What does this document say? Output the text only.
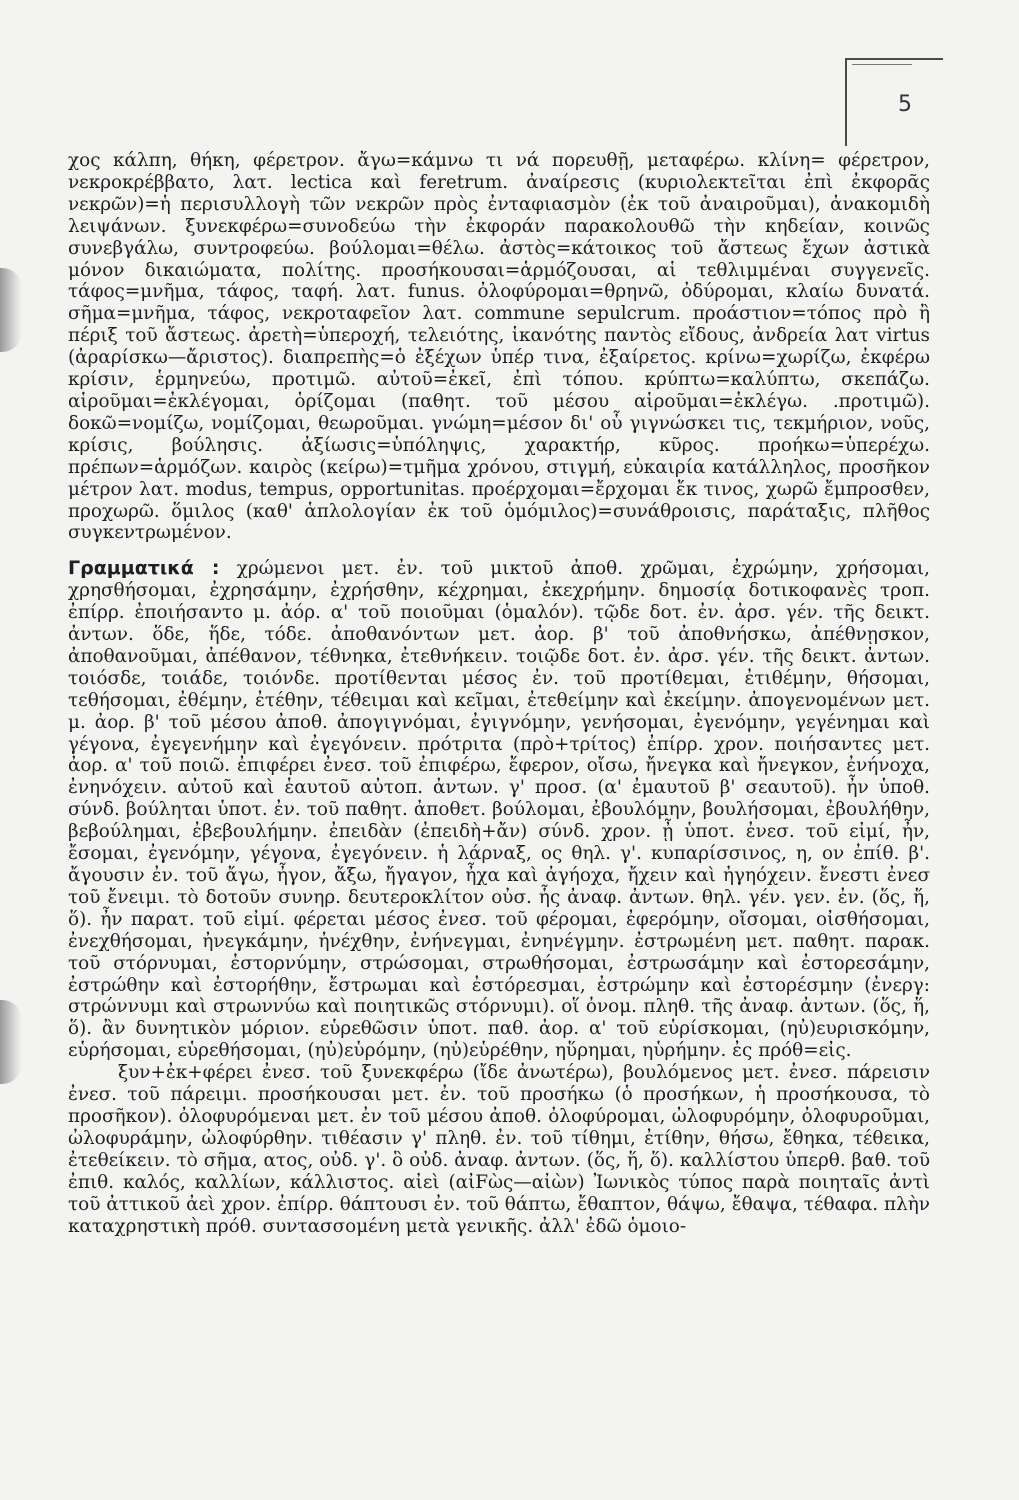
5

χος κάλπη, θήκη, φέρετρον. ἄγω=κάμνω τι νά πορευθῇ, μεταφέρω. κλίνη= φέρετρον, νεκροκρέββατο, λατ. lectica καὶ feretrum. ἀναίρεσις (κυριολεκτεῖται ἐπὶ ἐκφορᾶς νεκρῶν)=ἡ περισυλλογὴ τῶν νεκρῶν πρὸς ἐνταφιασμὸν (ἐκ τοῦ ἀναιροῦμαι), ἀνακομιδὴ λειψάνων. ξυνεκφέρω=συνοδεύω τὴν ἐκφοράν παρακολουθῶ τὴν κηδείαν, κοινῶς συνεβγάλω, συντροφεύω. βούλομαι=θέλω. ἀστὸς=κάτοικος τοῦ ἄστεως ἔχων ἀστικὰ μόνον δικαιώματα, πολίτης. προσήκουσαι=ἁρμόζουσαι, αἱ τεθλιμμέναι συγγενεῖς. τάφος=μνῆμα, τάφος, ταφή. λατ. funus. ὀλοφύρομαι=θρηνῶ, ὀδύρομαι, κλαίω δυνατά. σῆμα=μνῆμα, τάφος, νεκροταφεῖον λατ. commune sepulcrum. προάστιον=τόπος πρὸ ἢ πέριξ τοῦ ἄστεως. ἀρετὴ=ὑπεροχή, τελειότης, ἱκανότης παντὸς εἴδους, ἀνδρεία λατ virtus (ἀραρίσκω—ἄριστος). διαπρεπὴς=ὁ ἐξέχων ὑπέρ τινα, ἐξαίρετος. κρίνω=χωρίζω, ἐκφέρω κρίσιν, ἑρμηνεύω, προτιμῶ. αὐτοῦ=ἐκεῖ, ἐπὶ τόπου. κρύπτω=καλύπτω, σκεπάζω. αἱροῦμαι=ἐκλέγομαι, ὁρίζομαι (παθητ. τοῦ μέσου αἱροῦμαι=ἐκλέγω. .προτιμῶ). δοκῶ=νομίζω, νομίζομαι, θεωροῦμαι. γνώμη=μέσον δι' οὗ γιγνώσκει τις, τεκμήριον, νοῦς, κρίσις, βούλησις. ἀξίωσις=ὑπόληψις, χαρακτήρ, κῦρος. προήκω=ὑπερέχω. πρέπων=ἁρμόζων. καιρὸς (κείρω)=τμῆμα χρόνου, στιγμή, εὐκαιρία κατάλληλος, προσῆκον μέτρον λατ. modus, tempus, opportunitas. προέρχομαι=ἔρχομαι ἔκ τινος, χωρῶ ἔμπροσθεν, προχωρῶ. ὅμιλος (καθ' ἁπλολογίαν ἐκ τοῦ ὁμόμιλος)=συνάθροισις, παράταξις, πλῆθος συγκεντρωμένον.

Γραμματικά : χρώμενοι μετ. ἐν. τοῦ μικτοῦ ἀποθ. χρῶμαι, ἐχρώμην, χρήσομαι, χρησθήσομαι, ἐχρησάμην, ἐχρήσθην, κέχρημαι, ἐκεχρήμην. δημοσίᾳ δοτικοφανὲς τροπ. ἐπίρρ. ἐποιήσαντο μ. ἀόρ. α' τοῦ ποιοῦμαι (ὁμαλόν). τῷδε δοτ. ἐν. ἀρσ. γέν. τῆς δεικτ. ἀντων. ὅδε, ἥδε, τόδε. ἀποθανόντων μετ. ἀορ. β' τοῦ ἀποθνήσκω, ἀπέθνῃσκον, ἀποθανοῦμαι, ἀπέθανον, τέθνηκα, ἐτεθνήκειν. τοιῷδε δοτ. ἐν. ἀρσ. γέν. τῆς δεικτ. ἀντων. τοιόσδε, τοιάδε, τοιόνδε. προτίθενται μέσος ἐν. τοῦ προτίθεμαι, ἐτιθέμην, θήσομαι, τεθήσομαι, ἐθέμην, ἐτέθην, τέθειμαι καὶ κεῖμαι, ἐτεθείμην καὶ ἐκείμην. ἀπογενομένων μετ. μ. ἀορ. β' τοῦ μέσου ἀποθ. ἀπογιγνόμαι, ἐγιγνόμην, γενήσομαι, ἐγενόμην, γεγένημαι καὶ γέγονα, ἐγεγενήμην καὶ ἐγεγόνειν. πρότριτα (πρὸ+τρίτος) ἐπίρρ. χρον. ποιήσαντες μετ. ἀορ. α' τοῦ ποιῶ. ἐπιφέρει ἐνεσ. τοῦ ἐπιφέρω, ἔφερον, οἴσω, ἤνεγκα καὶ ἤνεγκον, ἐνήνοχα, ἐνηνόχειν. αὐτοῦ καὶ ἑαυτοῦ αὐτοπ. ἀντων. γ' προσ. (α' ἐμαυτοῦ β' σεαυτοῦ). ἦν ὑποθ. σύνδ. βούληται ὑποτ. ἐν. τοῦ παθητ. ἀποθετ. βούλομαι, ἐβουλόμην, βουλήσομαι, ἐβουλήθην, βεβούλημαι, ἐβεβουλήμην. ἐπειδὰν (ἐπειδὴ+ἄν) σύνδ. χρον. ᾖ ὑποτ. ἐνεσ. τοῦ εἰμί, ἦν, ἔσομαι, ἐγενόμην, γέγονα, ἐγεγόνειν. ἡ λάρναξ, ος θηλ. γ'. κυπαρίσσινος, η, ον ἐπίθ. β'. ἄγουσιν ἐν. τοῦ ἄγω, ἦγον, ἄξω, ἤγαγον, ἦχα καὶ ἀγήοχα, ἤχειν καὶ ἠγηόχειν. ἔνεστι ἐνεσ τοῦ ἔνειμι. τὸ δοτοῦν συνηρ. δευτεροκλίτον οὐσ. ἧς ἀναφ. ἀντων. θηλ. γέν. γεν. ἐν. (ὅς, ἥ, ὅ). ἦν παρατ. τοῦ εἰμί. φέρεται μέσος ἐνεσ. τοῦ φέρομαι, ἐφερόμην, οἴσομαι, οἰσθήσομαι, ἐνεχθήσομαι, ἠνεγκάμην, ἠνέχθην, ἐνήνεγμαι, ἐνηνέγμην. ἐστρωμένη μετ. παθητ. παρακ. τοῦ στόρνυμαι, ἐστορνύμην, στρώσομαι, στρωθήσομαι, ἐστρωσάμην καὶ ἐστορεσάμην, ἐστρώθην καὶ ἐστορήθην, ἔστρωμαι καὶ ἐστόρεσμαι, ἐστρώμην καὶ ἐστορέσμην (ἐνεργ: στρώννυμι καὶ στρωννύω καὶ ποιητικῶς στόρνυμι). οἵ ὀνομ. πληθ. τῆς ἀναφ. ἀντων. (ὅς, ἥ, ὅ). ἂν δυνητικὸν μόριον. εὑρεθῶσιν ὑποτ. παθ. ἀορ. α' τοῦ εὑρίσκομαι, (ηὐ)ευρισκόμην, εὑρήσομαι, εὑρεθήσομαι, (ηὐ)εὑρόμην, (ηὐ)εὑρέθην, ηὕρημαι, ηὑρήμην. ἐς πρόθ=εἰς.

ξυν+ἐκ+φέρει ἐνεσ. τοῦ ξυνεκφέρω (ἴδε ἀνωτέρω), βουλόμενος μετ. ἐνεσ. πάρεισιν ἐνεσ. τοῦ πάρειμι. προσήκουσαι μετ. ἐν. τοῦ προσήκω (ὁ προσήκων, ἡ προσήκουσα, τὸ προσῆκον). ὀλοφυρόμεναι μετ. ἐν τοῦ μέσου ἀποθ. ὀλοφύρομαι, ὠλοφυρόμην, ὀλοφυροῦμαι, ὠλοφυράμην, ὠλοφύρθην. τιθέασιν γ' πληθ. ἐν. τοῦ τίθημι, ἐτίθην, θήσω, ἔθηκα, τέθεικα, ἐτεθείκειν. τὸ σῆμα, ατος, οὐδ. γ'. ὃ οὐδ. ἀναφ. ἀντων. (ὅς, ἥ, ὅ). καλλίστου ὑπερθ. βαθ. τοῦ ἐπιθ. καλός, καλλίων, κάλλιστος. αἰεὶ (αἰFὼς—αἰὼν) Ἰωνικὸς τύπος παρὰ ποιηταῖς ἀντὶ τοῦ ἀττικοῦ ἀεὶ χρον. ἐπίρρ. θάπτουσι ἐν. τοῦ θάπτω, ἔθαπτον, θάψω, ἔθαψα, τέθαφα. πλὴν καταχρηστικὴ πρόθ. συντασσομένη μετὰ γενικῆς. ἀλλ' ἐδῶ ὁμοιο-
